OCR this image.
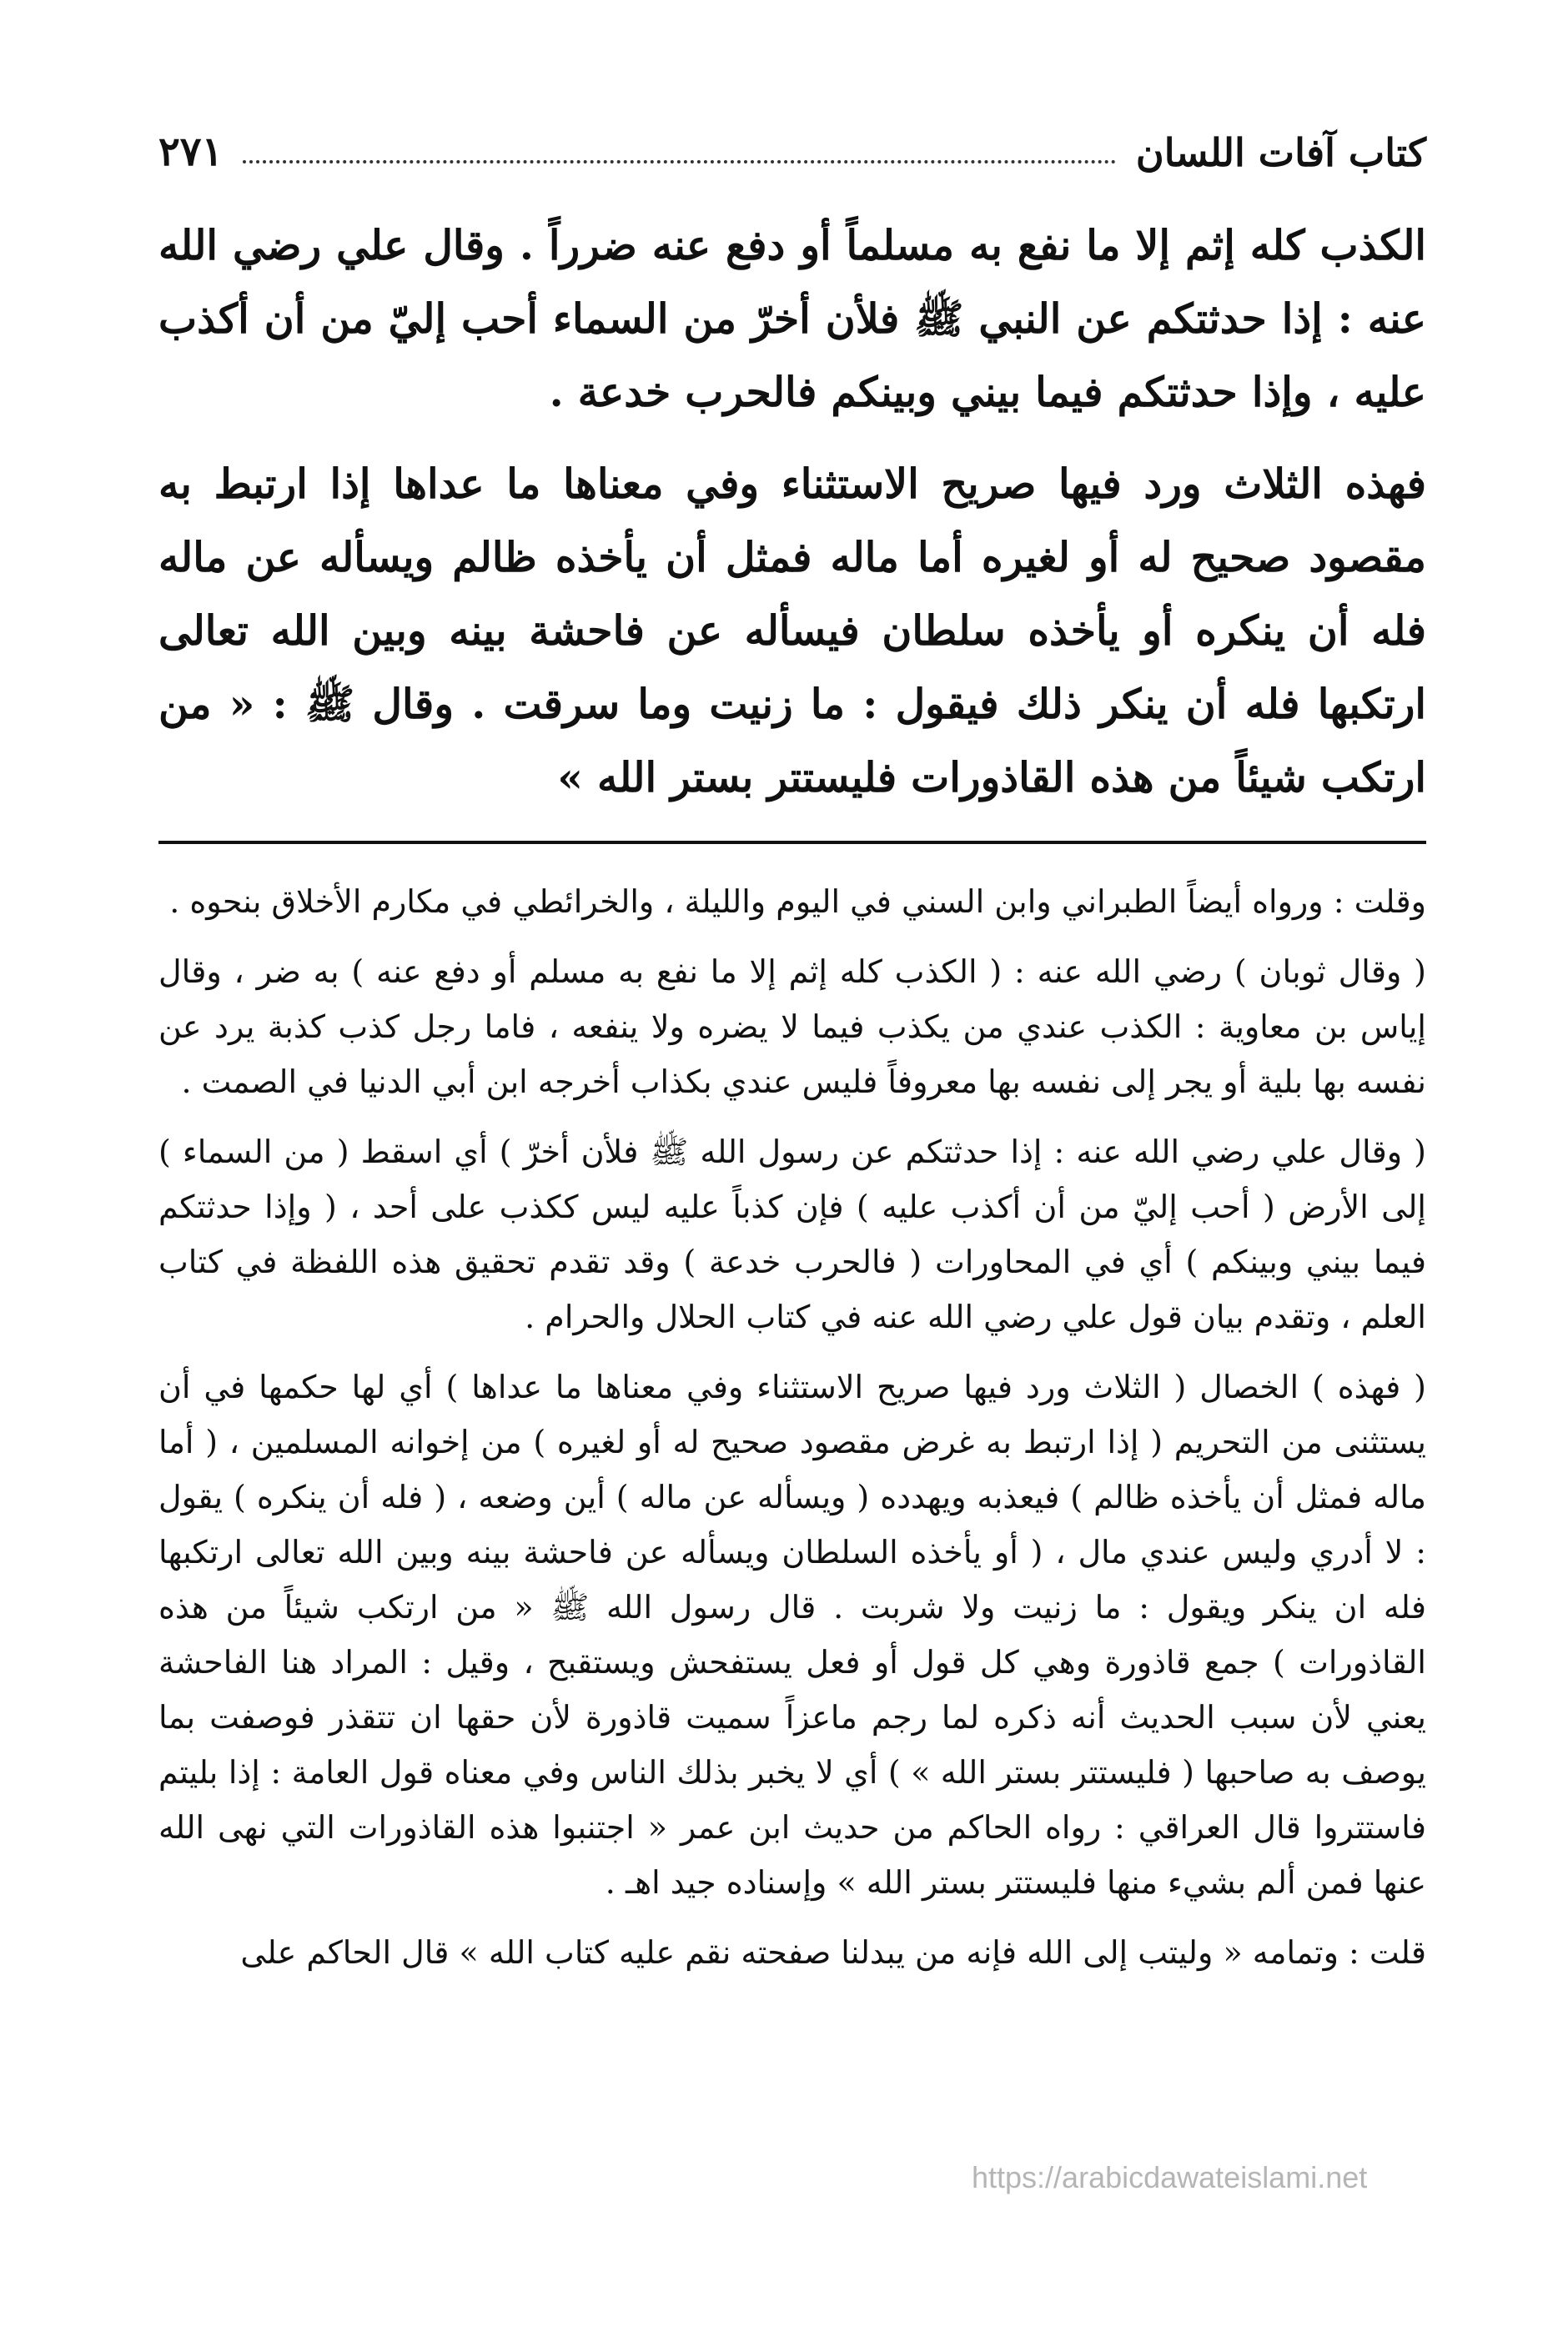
كتاب آفات اللسان
٢٧١

الكذب كله إثم إلا ما نفع به مسلماً أو دفع عنه ضرراً . وقال علي رضي الله عنه : إذا حدثتكم عن النبي ﷺ فلأن أخرّ من السماء أحب إليّ من أن أكذب عليه ، وإذا حدثتكم فيما بيني وبينكم فالحرب خدعة .

فهذه الثلاث ورد فيها صريح الاستثناء وفي معناها ما عداها إذا ارتبط به مقصود صحيح له أو لغيره أما ماله فمثل أن يأخذه ظالم ويسأله عن ماله فله أن ينكره أو يأخذه سلطان فيسأله عن فاحشة بينه وبين الله تعالى ارتكبها فله أن ينكر ذلك فيقول : ما زنيت وما سرقت . وقال ﷺ : « من ارتكب شيئاً من هذه القاذورات فليستتر بستر الله »

وقلت : ورواه أيضاً الطبراني وابن السني في اليوم والليلة ، والخرائطي في مكارم الأخلاق بنحوه .

( وقال ثوبان ) رضي الله عنه : ( الكذب كله إثم إلا ما نفع به مسلم أو دفع عنه ) به ضر ، وقال إياس بن معاوية : الكذب عندي من يكذب فيما لا يضره ولا ينفعه ، فاما رجل كذب كذبة يرد عن نفسه بها بلية أو يجر إلى نفسه بها معروفاً فليس عندي بكذاب أخرجه ابن أبي الدنيا في الصمت .

( وقال علي رضي الله عنه : إذا حدثتكم عن رسول الله ﷺ فلأن أخرّ ) أي اسقط ( من السماء ) إلى الأرض ( أحب إليّ من أن أكذب عليه ) فإن كذباً عليه ليس ككذب على أحد ، ( وإذا حدثتكم فيما بيني وبينكم ) أي في المحاورات ( فالحرب خدعة ) وقد تقدم تحقيق هذه اللفظة في كتاب العلم ، وتقدم بيان قول علي رضي الله عنه في كتاب الحلال والحرام .

( فهذه ) الخصال ( الثلاث ورد فيها صريح الاستثناء وفي معناها ما عداها ) أي لها حكمها في أن يستثنى من التحريم ( إذا ارتبط به غرض مقصود صحيح له أو لغيره ) من إخوانه المسلمين ، ( أما ماله فمثل أن يأخذه ظالم ) فيعذبه ويهدده ( ويسأله عن ماله ) أين وضعه ، ( فله أن ينكره ) يقول : لا أدري وليس عندي مال ، ( أو يأخذه السلطان ويسأله عن فاحشة بينه وبين الله تعالى ارتكبها فله ان ينكر ويقول : ما زنيت ولا شربت . قال رسول الله ﷺ « من ارتكب شيئاً من هذه القاذورات ) جمع قاذورة وهي كل قول أو فعل يستفحش ويستقبح ، وقيل : المراد هنا الفاحشة يعني لأن سبب الحديث أنه ذكره لما رجم ماعزاً سميت قاذورة لأن حقها ان تتقذر فوصفت بما يوصف به صاحبها ( فليستتر بستر الله » ) أي لا يخبر بذلك الناس وفي معناه قول العامة : إذا بليتم فاستتروا قال العراقي : رواه الحاكم من حديث ابن عمر « اجتنبوا هذه القاذورات التي نهى الله عنها فمن ألم بشيء منها فليستتر بستر الله » وإسناده جيد اهـ .

قلت : وتمامه « وليتب إلى الله فإنه من يبدلنا صفحته نقم عليه كتاب الله » قال الحاكم على

https://arabicdawateislami.net
